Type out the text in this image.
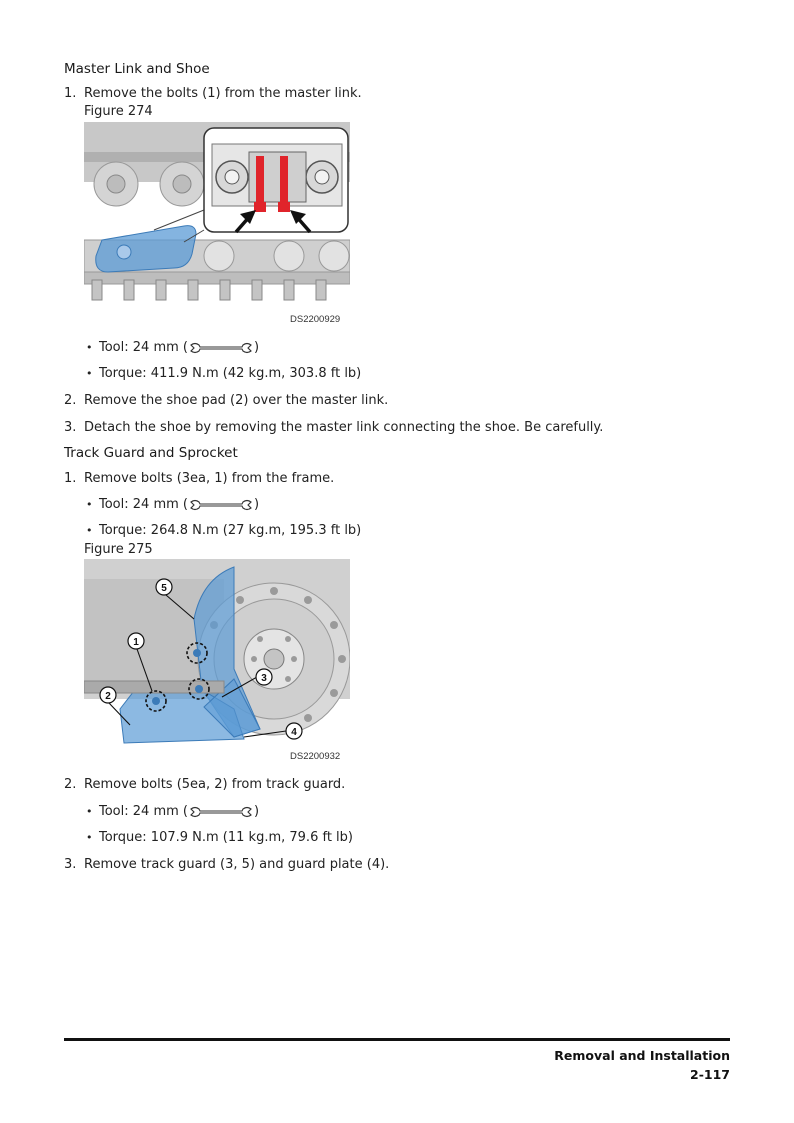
Master Link and Shoe
1. Remove the bolts (1) from the master link.
Figure 274
DS2200929
• Tool: 24 mm (	)
• Torque: 411.9 N.m (42 kg.m, 303.8 ft lb)
2. Remove the shoe pad (2) over the master link.
3. Detach the shoe by removing the master link connecting the shoe. Be carefully.
Track Guard and Sprocket
1. Remove bolts (3ea, 1) from the frame.
• Tool: 24 mm (	)
• Torque: 264.8 N.m (27 kg.m, 195.3 ft lb)
Figure 275
5
1
2
3
4
DS2200932
2. Remove bolts (5ea, 2) from track guard.
• Tool: 24 mm (	)
• Torque: 107.9 N.m (11 kg.m, 79.6 ft lb)
3. Remove track guard (3, 5) and guard plate (4).
Removal and Installation
2-117
